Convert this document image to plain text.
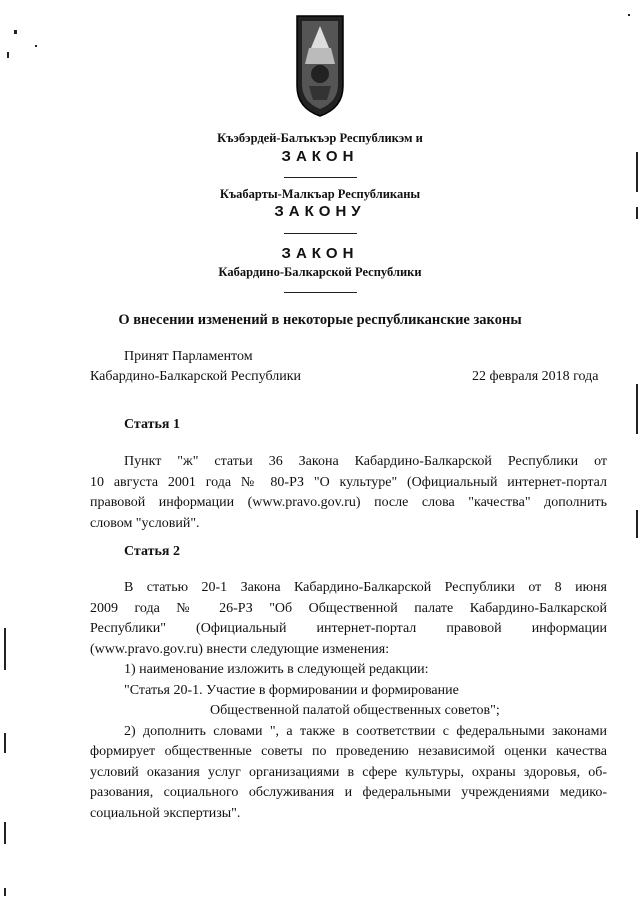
Къэбэрдей-Балъкъэр Республикэм и
ЗАКОН
Къабарты-Малкъар Республиканы
ЗАКОНУ
ЗАКОН
Кабардино-Балкарской Республики
О внесении изменений в некоторые республиканские законы
Принят Парламентом
Кабардино-Балкарской Республики	22 февраля 2018 года
Статья 1
Пункт "ж" статьи 36 Закона Кабардино-Балкарской Республики от
10 августа 2001 года № 80-РЗ "О культуре" (Официальный интернет-портал
правовой информации (www.pravo.gov.ru) после слова "качества" дополнить
словом "условий".
Статья 2
В статью 20-1 Закона Кабардино-Балкарской Республики от 8 июня
2009 года № 26-РЗ "Об Общественной палате Кабардино-Балкарской
Республики" (Официальный интернет-портал правовой информации
(www.pravo.gov.ru) внести следующие изменения:
1) наименование изложить в следующей редакции:
"Статья 20-1. Участие в формировании и формирование
Общественной палатой общественных советов";
2) дополнить словами ", а также в соответствии с федеральными законами
формирует общественные советы по проведению независимой оценки качества
условий оказания услуг организациями в сфере культуры, охраны здоровья, об-
разования, социального обслуживания и федеральными учреждениями медико-
социальной экспертизы".
